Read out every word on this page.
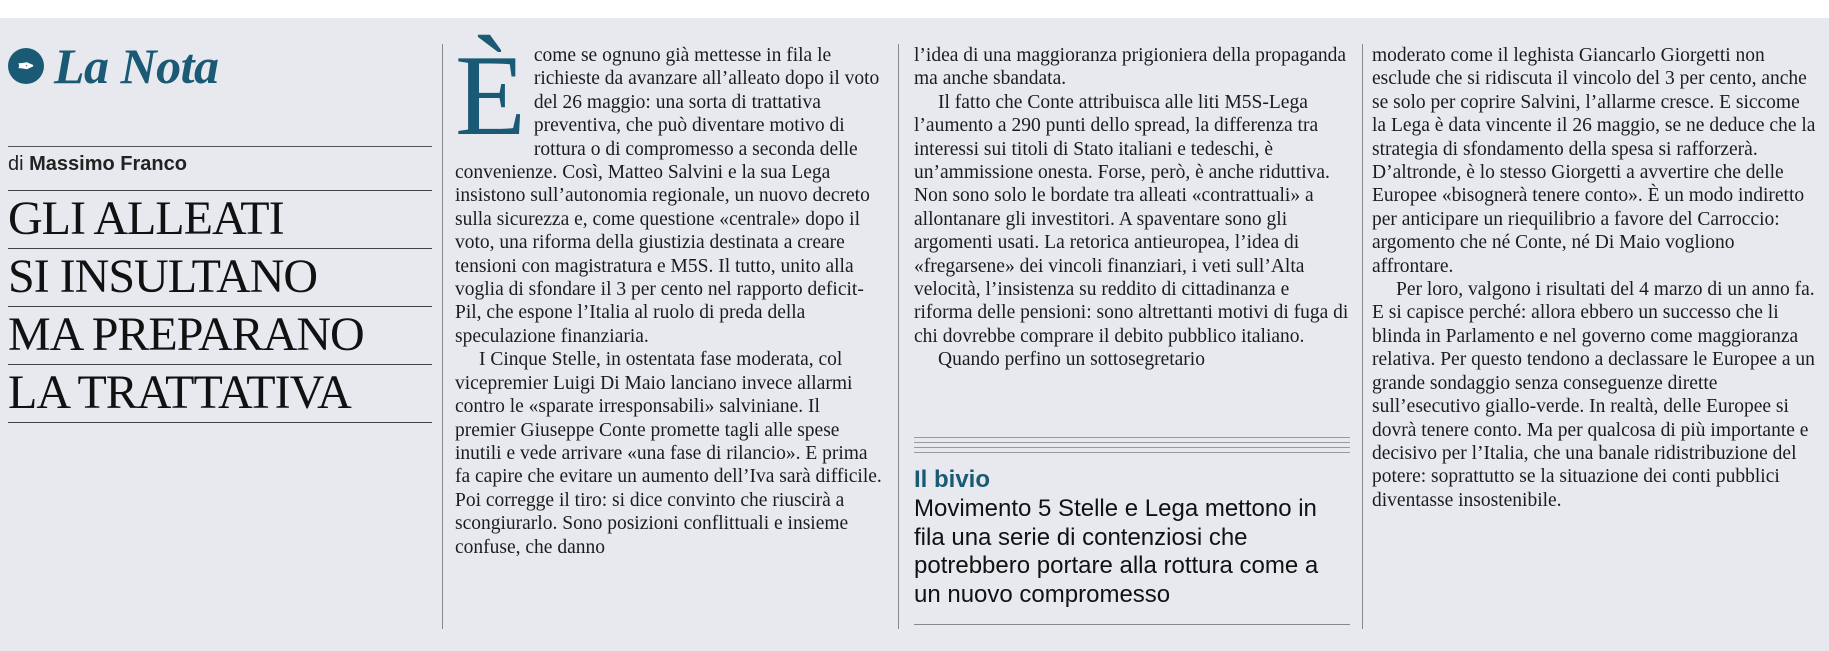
✒ La Nota
di Massimo Franco
GLI ALLEATI
SI INSULTANO
MA PREPARANO
LA TRATTATIVA
È come se ognuno già mettesse in fila le richieste da avanzare all’alleato dopo il voto del 26 maggio: una sorta di trattativa preventiva, che può diventare motivo di rottura o di compromesso a seconda delle convenienze. Così, Matteo Salvini e la sua Lega insistono sull’autonomia regionale, un nuovo decreto sulla sicurezza e, come questione «centrale» dopo il voto, una riforma della giustizia destinata a creare tensioni con magistratura e M5S. Il tutto, unito alla voglia di sfondare il 3 per cento nel rapporto deficit-Pil, che espone l’Italia al ruolo di preda della speculazione finanziaria.

I Cinque Stelle, in ostentata fase moderata, col vicepremier Luigi Di Maio lanciano invece allarmi contro le «sparate irresponsabili» salviniane. Il premier Giuseppe Conte promette tagli alle spese inutili e vede arrivare «una fase di rilancio». E prima fa capire che evitare un aumento dell’Iva sarà difficile. Poi corregge il tiro: si dice convinto che riuscirà a scongiurarlo. Sono posizioni conflittuali e insieme confuse, che danno

l’idea di una maggioranza prigioniera della propaganda ma anche sbandata.

Il fatto che Conte attribuisca alle liti M5S-Lega l’aumento a 290 punti dello spread, la differenza tra interessi sui titoli di Stato italiani e tedeschi, è un’ammissione onesta. Forse, però, è anche riduttiva. Non sono solo le bordate tra alleati «contrattuali» a allontanare gli investitori. A spaventare sono gli argomenti usati. La retorica antieuropea, l’idea di «fregarsene» dei vincoli finanziari, i veti sull’Alta velocità, l’insistenza su reddito di cittadinanza e riforma delle pensioni: sono altrettanti motivi di fuga di chi dovrebbe comprare il debito pubblico italiano.

Quando perfino un sottosegretario

Il bivio
Movimento 5 Stelle e Lega mettono in fila una serie di contenziosi che potrebbero portare alla rottura come a un nuovo compromesso

moderato come il leghista Giancarlo Giorgetti non esclude che si ridiscuta il vincolo del 3 per cento, anche se solo per coprire Salvini, l’allarme cresce. E siccome la Lega è data vincente il 26 maggio, se ne deduce che la strategia di sfondamento della spesa si rafforzerà. D’altronde, è lo stesso Giorgetti a avvertire che delle Europee «bisognerà tenere conto». È un modo indiretto per anticipare un riequilibrio a favore del Carroccio: argomento che né Conte, né Di Maio vogliono affrontare.

Per loro, valgono i risultati del 4 marzo di un anno fa. E si capisce perché: allora ebbero un successo che li blinda in Parlamento e nel governo come maggioranza relativa. Per questo tendono a declassare le Europee a un grande sondaggio senza conseguenze dirette sull’esecutivo giallo-verde. In realtà, delle Europee si dovrà tenere conto. Ma per qualcosa di più importante e decisivo per l’Italia, che una banale ridistribuzione del potere: soprattutto se la situazione dei conti pubblici diventasse insostenibile.
